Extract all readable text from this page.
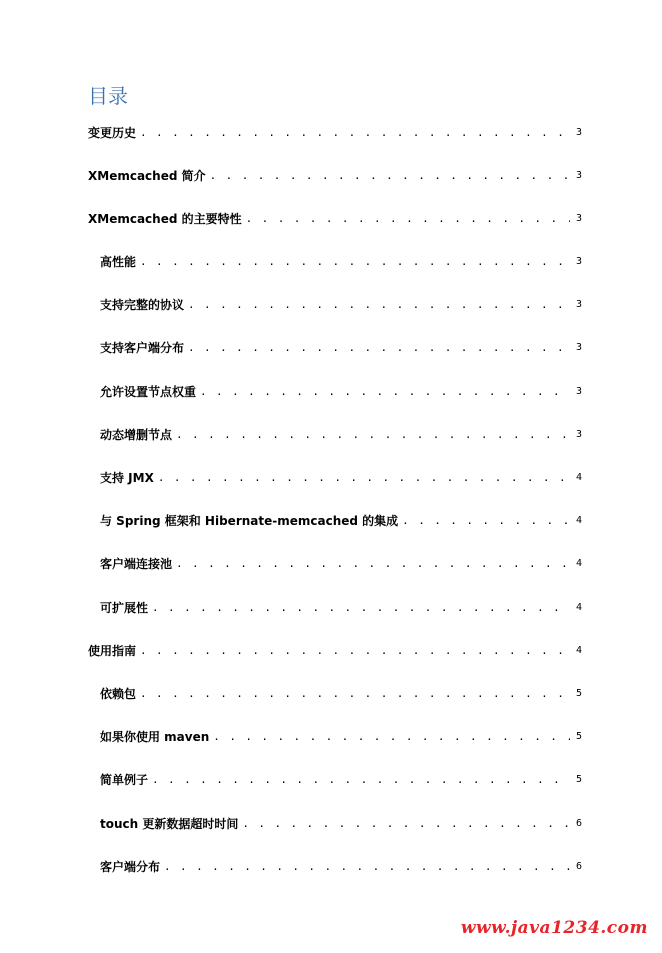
目录
变更历史 . . .	3
XMemcached 简介 . . .	3
XMemcached 的主要特性 . . .	3
高性能 . . .	3
支持完整的协议 . . .	3
支持客户端分布 . . .	3
允许设置节点权重 . . .	3
动态增删节点 . . .	3
支持 JMX . . .	4
与 Spring 框架和 Hibernate-memcached 的集成 . . .	4
客户端连接池 . . .	4
可扩展性 . . .	4
使用指南 . . .	4
依赖包 . . .	5
如果你使用 maven . . .	5
简单例子 . . .	5
touch 更新数据超时时间 . . .	6
客户端分布 . . .	6
www.java1234.com
